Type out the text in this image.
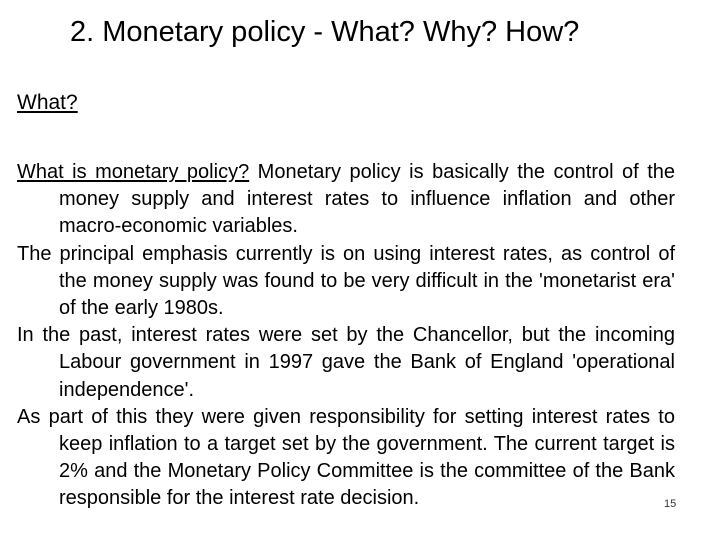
2. Monetary policy - What? Why? How?
What?

What is monetary policy? Monetary policy is basically the control of the money supply and interest rates to influence inflation and other macro-economic variables.

The principal emphasis currently is on using interest rates, as control of the money supply was found to be very difficult in the 'monetarist era' of the early 1980s.

In the past, interest rates were set by the Chancellor, but the incoming Labour government in 1997 gave the Bank of England 'operational independence'.

As part of this they were given responsibility for setting interest rates to keep inflation to a target set by the government. The current target is 2% and the Monetary Policy Committee is the committee of the Bank responsible for the interest rate decision.	15
